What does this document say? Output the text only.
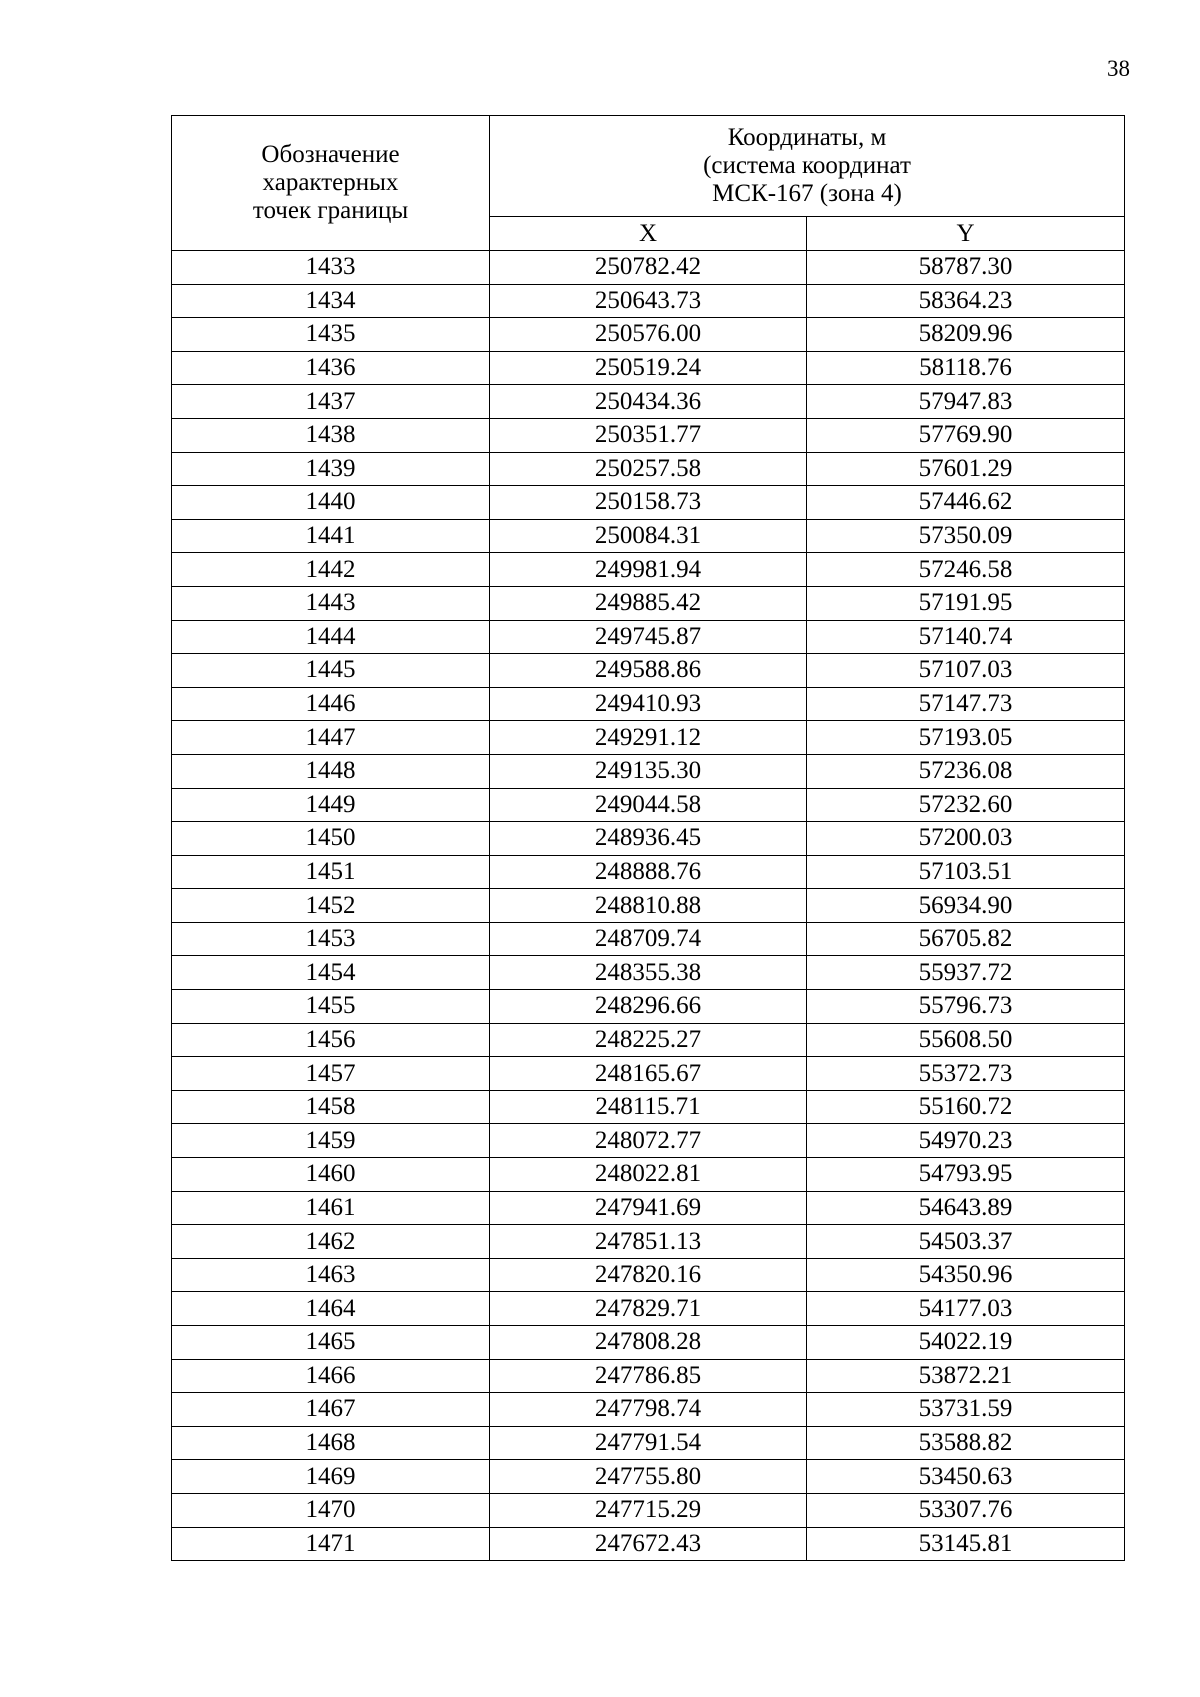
38
Обозначение
характерных
точек границы	Координаты, м
(система координат
МСК-167 (зона 4)	
	X	Y
1433	250782.42	58787.30
1434	250643.73	58364.23
1435	250576.00	58209.96
1436	250519.24	58118.76
1437	250434.36	57947.83
1438	250351.77	57769.90
1439	250257.58	57601.29
1440	250158.73	57446.62
1441	250084.31	57350.09
1442	249981.94	57246.58
1443	249885.42	57191.95
1444	249745.87	57140.74
1445	249588.86	57107.03
1446	249410.93	57147.73
1447	249291.12	57193.05
1448	249135.30	57236.08
1449	249044.58	57232.60
1450	248936.45	57200.03
1451	248888.76	57103.51
1452	248810.88	56934.90
1453	248709.74	56705.82
1454	248355.38	55937.72
1455	248296.66	55796.73
1456	248225.27	55608.50
1457	248165.67	55372.73
1458	248115.71	55160.72
1459	248072.77	54970.23
1460	248022.81	54793.95
1461	247941.69	54643.89
1462	247851.13	54503.37
1463	247820.16	54350.96
1464	247829.71	54177.03
1465	247808.28	54022.19
1466	247786.85	53872.21
1467	247798.74	53731.59
1468	247791.54	53588.82
1469	247755.80	53450.63
1470	247715.29	53307.76
1471	247672.43	53145.81
